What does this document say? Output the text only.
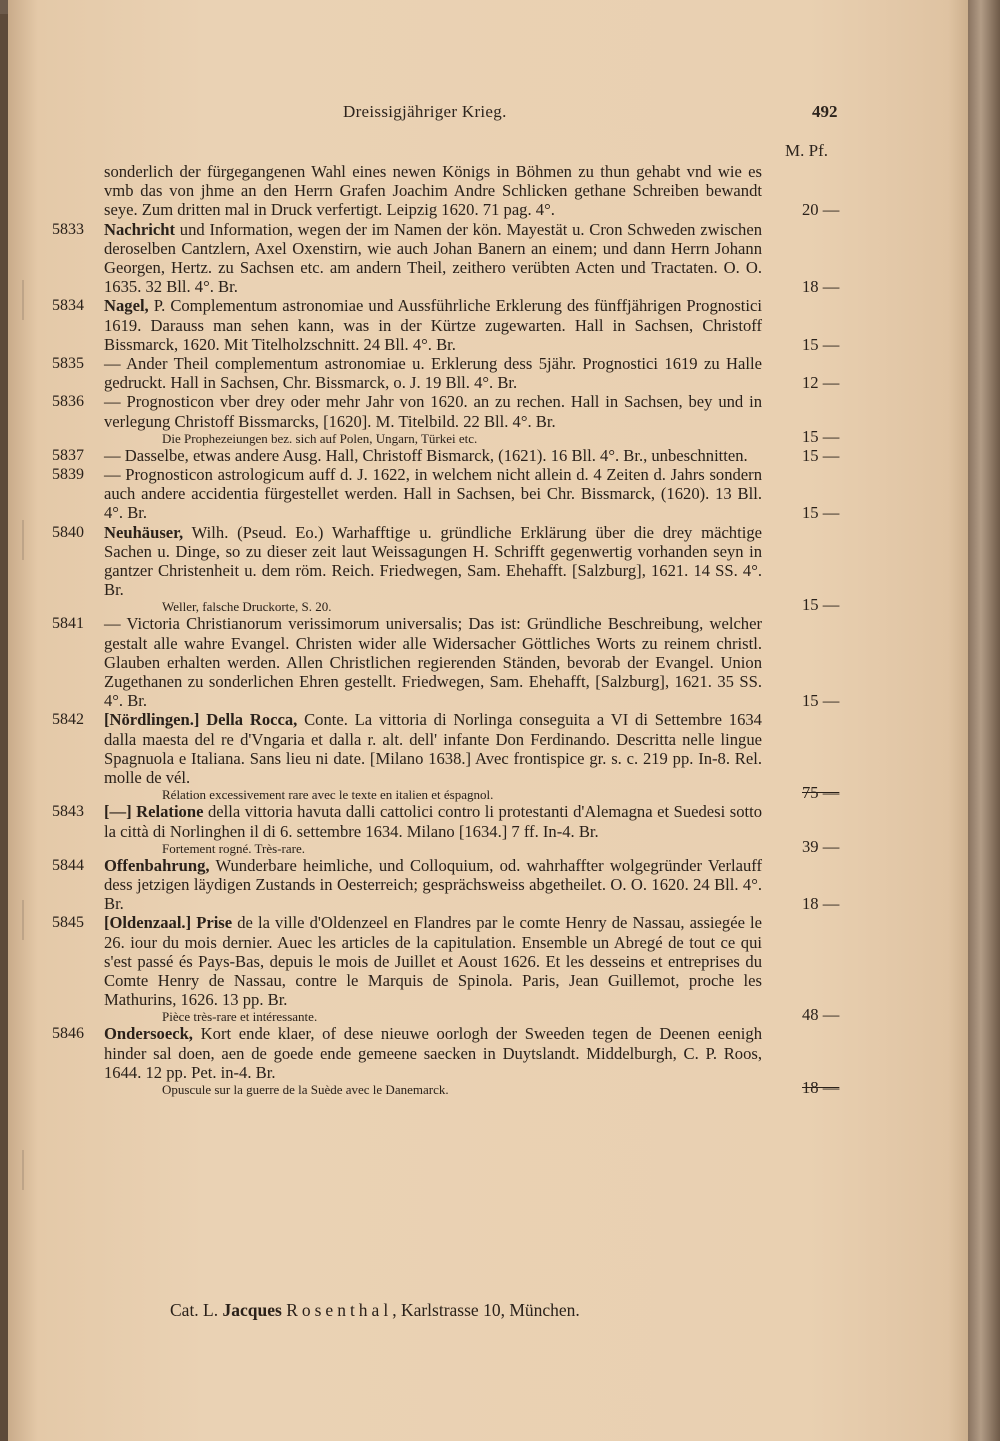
Dreissigjähriger Krieg.	492
M. Pf.

sonderlich der fürgegangenen Wahl eines newen Königs in Böhmen zu thun gehabt vnd wie es vmb das von jhme an den Herrn Grafen Joachim Andre Schlicken gethane Schreiben bewandt seye. Zum dritten mal in Druck verfertigt. Leipzig 1620. 71 pag. 4°.	20 —
5833	Nachricht und Information, wegen der im Namen der kön. Mayestät u. Cron Schweden zwischen deroselben Cantzlern, Axel Oxenstirn, wie auch Johan Banern an einem; und dann Herrn Johann Georgen, Hertz. zu Sachsen etc. am andern Theil, zeithero verübten Acten und Tractaten. O. O. 1635. 32 Bll. 4°. Br.	18 —
5834	Nagel, P. Complementum astronomiae und Aussführliche Erklerung des fünffjährigen Prognostici 1619. Darauss man sehen kann, was in der Kürtze zugewarten. Hall in Sachsen, Christoff Bissmarck, 1620. Mit Titelholzschnitt. 24 Bll. 4°. Br.	15 —
5835	— Ander Theil complementum astronomiae u. Erklerung dess 5jähr. Prognostici 1619 zu Halle gedruckt. Hall in Sachsen, Chr. Bissmarck, o. J. 19 Bll. 4°. Br.	12 —
5836	— Prognosticon vber drey oder mehr Jahr von 1620. an zu rechen. Hall in Sachsen, bey und in verlegung Christoff Bissmarcks, [1620]. M. Titelbild. 22 Bll. 4°. Br.

Die Prophezeiungen bez. sich auf Polen, Ungarn, Türkei etc.	15 —
5837	— Dasselbe, etwas andere Ausg. Hall, Christoff Bismarck, (1621). 16 Bll. 4°. Br., unbeschnitten.	15 —
5839	— Prognosticon astrologicum auff d. J. 1622, in welchem nicht allein d. 4 Zeiten d. Jahrs sondern auch andere accidentia fürgestellet werden. Hall in Sachsen, bei Chr. Bissmarck, (1620). 13 Bll. 4°. Br.	15 —
5840	Neuhäuser, Wilh. (Pseud. Eo.) Warhafftige u. gründliche Erklärung über die drey mächtige Sachen u. Dinge, so zu dieser zeit laut Weissagungen H. Schrifft gegenwertig vorhanden seyn in gantzer Christenheit u. dem röm. Reich. Friedwegen, Sam. Ehehafft. [Salzburg], 1621. 14 SS. 4°. Br.

Weller, falsche Druckorte, S. 20.	15 —
5841	— Victoria Christianorum verissimorum universalis; Das ist: Gründliche Beschreibung, welcher gestalt alle wahre Evangel. Christen wider alle Widersacher Göttliches Worts zu reinem christl. Glauben erhalten werden. Allen Christlichen regierenden Ständen, bevorab der Evangel. Union Zugethanen zu sonderlichen Ehren gestellt. Friedwegen, Sam. Ehehafft, [Salzburg], 1621. 35 SS. 4°. Br.	15 —
5842	[Nördlingen.] Della Rocca, Conte. La vittoria di Norlinga conseguita a VI di Settembre 1634 dalla maesta del re d'Vngaria et dalla r. alt. dell' infante Don Ferdinando. Descritta nelle lingue Spagnuola e Italiana. Sans lieu ni date. [Milano 1638.] Avec frontispice gr. s. c. 219 pp. In-8. Rel. molle de vél.

Rélation excessivement rare avec le texte en italien et éspagnol.	75 —
5843	[—] Relatione della vittoria havuta dalli cattolici contro li protestanti d'Alemagna et Suedesi sotto la città di Norlinghen il di 6. settembre 1634. Milano [1634.] 7 ff. In-4. Br.

Fortement rogné. Très-rare.	39 —
5844	Offenbahrung, Wunderbare heimliche, und Colloquium, od. wahrhaffter wolgegründer Verlauff dess jetzigen läydigen Zustands in Oesterreich; gesprächsweiss abgetheilet. O. O. 1620. 24 Bll. 4°. Br.	18 —
5845	[Oldenzaal.] Prise de la ville d'Oldenzeel en Flandres par le comte Henry de Nassau, assiegée le 26. iour du mois dernier. Auec les articles de la capitulation. Ensemble un Abregé de tout ce qui s'est passé és Pays-Bas, depuis le mois de Juillet et Aoust 1626. Et les desseins et entreprises du Comte Henry de Nassau, contre le Marquis de Spinola. Paris, Jean Guillemot, proche les Mathurins, 1626. 13 pp. Br.

Pièce très-rare et intéressante.	48 —
5846	Ondersoeck, Kort ende klaer, of dese nieuwe oorlogh der Sweeden tegen de Deenen eenigh hinder sal doen, aen de goede ende gemeene saecken in Duytslandt. Middelburgh, C. P. Roos, 1644. 12 pp. Pet. in-4. Br.

Opuscule sur la guerre de la Suède avec le Danemarck.	18 —
Cat. L. Jacques Rosenthal, Karlstrasse 10, München.
